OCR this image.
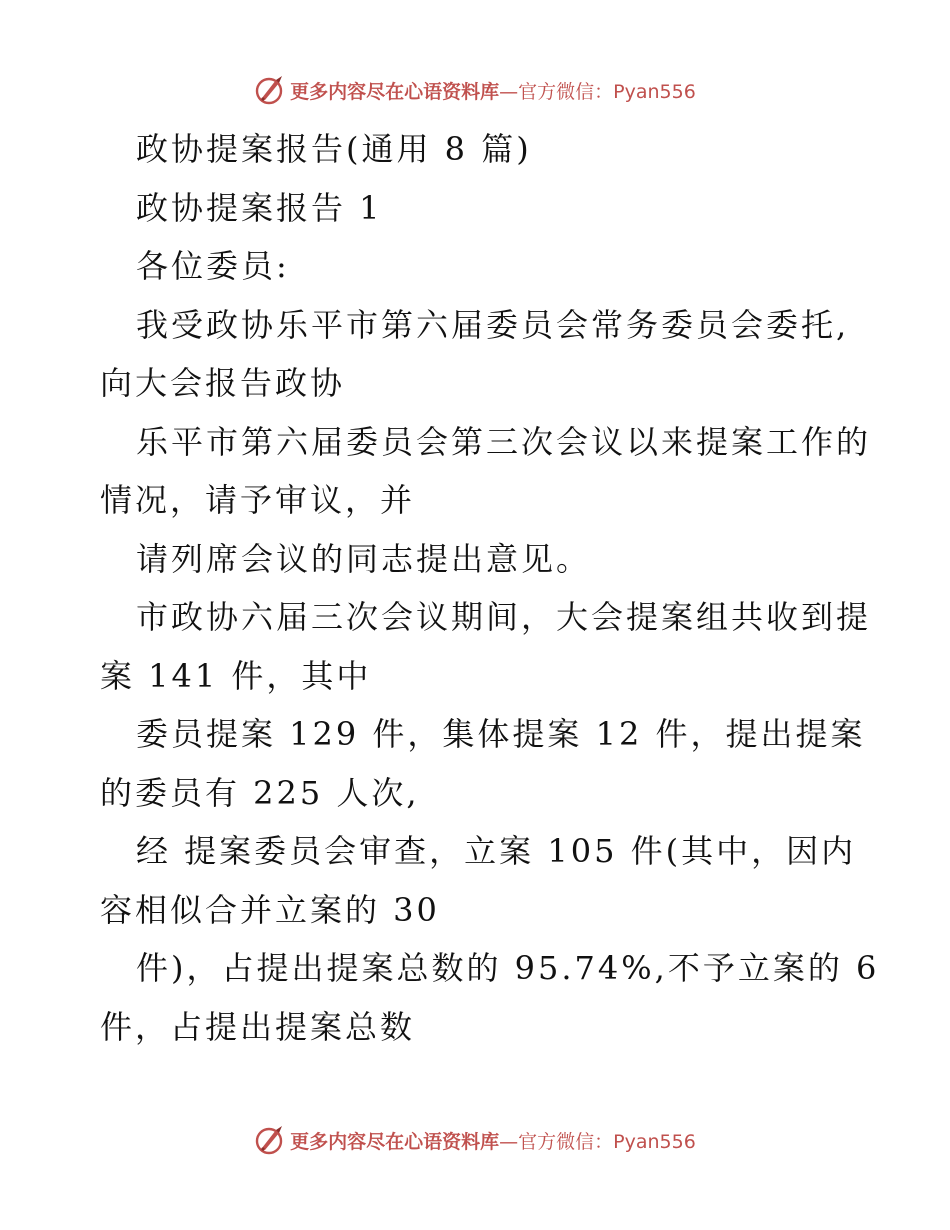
更多内容尽在心语资料库 —官方微信：Pyan556
政协提案报告(通用 8 篇)
政协提案报告 1
各位委员:
我受政协乐平市第六届委员会常务委员会委托,
向大会报告政协
乐平市第六届委员会第三次会议以来提案工作的
情况，请予审议，并
请列席会议的同志提出意见。
市政协六届三次会议期间，大会提案组共收到提
案 141 件，其中
委员提案 129 件，集体提案 12 件，提出提案
的委员有 225 人次,
经 提案委员会审查，立案 105 件(其中，因内
容相似合并立案的 30
件)，占提出提案总数的 95.74%,不予立案的 6
件，占提出提案总数
更多内容尽在心语资料库 —官方微信：Pyan556
